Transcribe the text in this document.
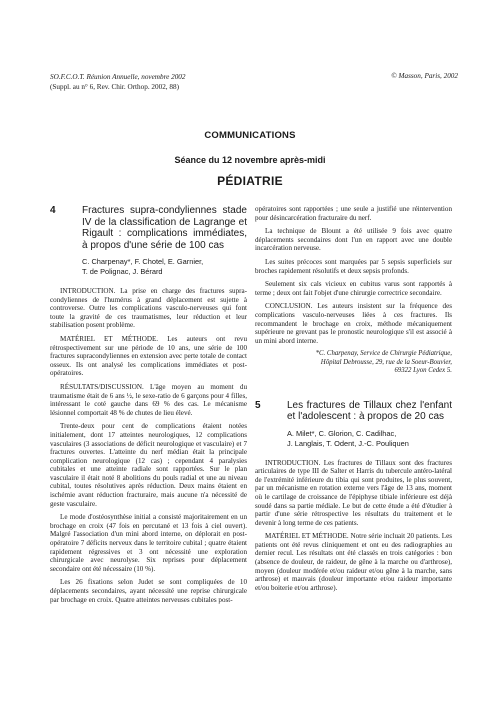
SO.F.C.O.T. Réunion Annuelle, novembre 2002
(Suppl. au n° 6, Rev. Chir. Orthop. 2002, 88)
© Masson, Paris, 2002
COMMUNICATIONS
Séance du 12 novembre après-midi
PÉDIATRIE
4	Fractures supra-condyliennes stade IV de la classification de Lagrange et Rigault : complications immédiates, à propos d'une série de 100 cas
C. Charpenay*, F. Chotel, E. Garnier,
T. de Polignac, J. Bérard

INTRODUCTION. La prise en charge des fractures supra-condyliennes de l'humérus à grand déplacement est sujette à controverse. Outre les complications vasculo-nerveuses qui font toute la gravité de ces traumatismes, leur réduction et leur stabilisation posent problème.

MATÉRIEL ET MÉTHODE. Les auteurs ont revu rétrospectivement sur une période de 10 ans, une série de 100 fractures supracondyliennes en extension avec perte totale de contact osseux. Ils ont analysé les complications immédiates et post-opératoires.

RÉSULTATS/DISCUSSION. L'âge moyen au moment du traumatisme était de 6 ans ½, le sexe-ratio de 6 garçons pour 4 filles, intéressant le coté gauche dans 69 % des cas. Le mécanisme lésionnel comportait 48 % de chutes de lieu élevé.

Trente-deux pour cent de complications étaient notées initialement, dont 17 atteintes neurologiques, 12 complications vasculaires (3 associations de déficit neurologique et vasculaire) et 7 fractures ouvertes. L'atteinte du nerf médian était la principale complication neurologique (12 cas) ; cependant 4 paralysies cubitales et une atteinte radiale sont rapportées. Sur le plan vasculaire il était noté 8 abolitions du pouls radial et une au niveau cubital, toutes résolutives après réduction. Deux mains étaient en ischémie avant réduction fracturaire, mais aucune n'a nécessité de geste vasculaire.

Le mode d'ostéosynthèse initial a consisté majoritairement en un brochage en croix (47 fois en percutané et 13 fois à ciel ouvert). Malgré l'association d'un mini abord interne, on déplorait en post-opératoire 7 déficits nerveux dans le territoire cubital ; quatre étaient rapidement régressives et 3 ont nécessité une exploration chirurgicale avec neurolyse. Six reprises pour déplacement secondaire ont été nécessaire (10 %).

Les 26 fixations selon Judet se sont compliquées de 10 déplacements secondaires, ayant nécessité une reprise chirurgicale par brochage en croix. Quatre atteintes nerveuses cubitales post-

opératoires sont rapportées ; une seule a justifié une réintervention pour désincarcération fracturaire du nerf.

La technique de Blount a été utilisée 9 fois avec quatre déplacements secondaires dont l'un en rapport avec une double incarcération nerveuse.

Les suites précoces sont marquées par 5 sepsis superficiels sur broches rapidement résolutifs et deux sepsis profonds.

Seulement six cals vicieux en cubitus varus sont rapportés à terme ; deux ont fait l'objet d'une chirurgie correctrice secondaire.

CONCLUSION. Les auteurs insistent sur la fréquence des complications vasculo-nerveuses liées à ces fractures. Ils recommandent le brochage en croix, méthode mécaniquement supérieure ne grevant pas le pronostic neurologique s'il est associé à un mini abord interne.

*C. Charpenay, Service de Chirurgie Pédiatrique,
Hôpital Debrousse, 29, rue de la Soeur-Bouvier,
69322 Lyon Cedex 5.
5	Les fractures de Tillaux chez l'enfant et l'adolescent : à propos de 20 cas
A. Milet*, C. Glorion, C. Cadilhac,
J. Langlais, T. Odent, J.-C. Pouliquen

INTRODUCTION. Les fractures de Tillaux sont des fractures articulaires de type III de Salter et Harris du tubercule antéro-latéral de l'extrémité inférieure du tibia qui sont produites, le plus souvent, par un mécanisme en rotation externe vers l'âge de 13 ans, moment où le cartilage de croissance de l'épiphyse tibiale inférieure est déjà soudé dans sa partie médiale. Le but de cette étude a été d'étudier à partir d'une série rétrospective les résultats du traitement et le devenir à long terme de ces patients.

MATÉRIEL ET MÉTHODE. Notre série incluait 20 patients. Les patients ont été revus cliniquement et ont eu des radiographies au dernier recul. Les résultats ont été classés en trois catégories : bon (absence de douleur, de raideur, de gêne à la marche ou d'arthrose), moyen (douleur modérée et/ou raideur et/ou gêne à la marche, sans arthrose) et mauvais (douleur importante et/ou raideur importante et/ou boiterie et/ou arthrose).
